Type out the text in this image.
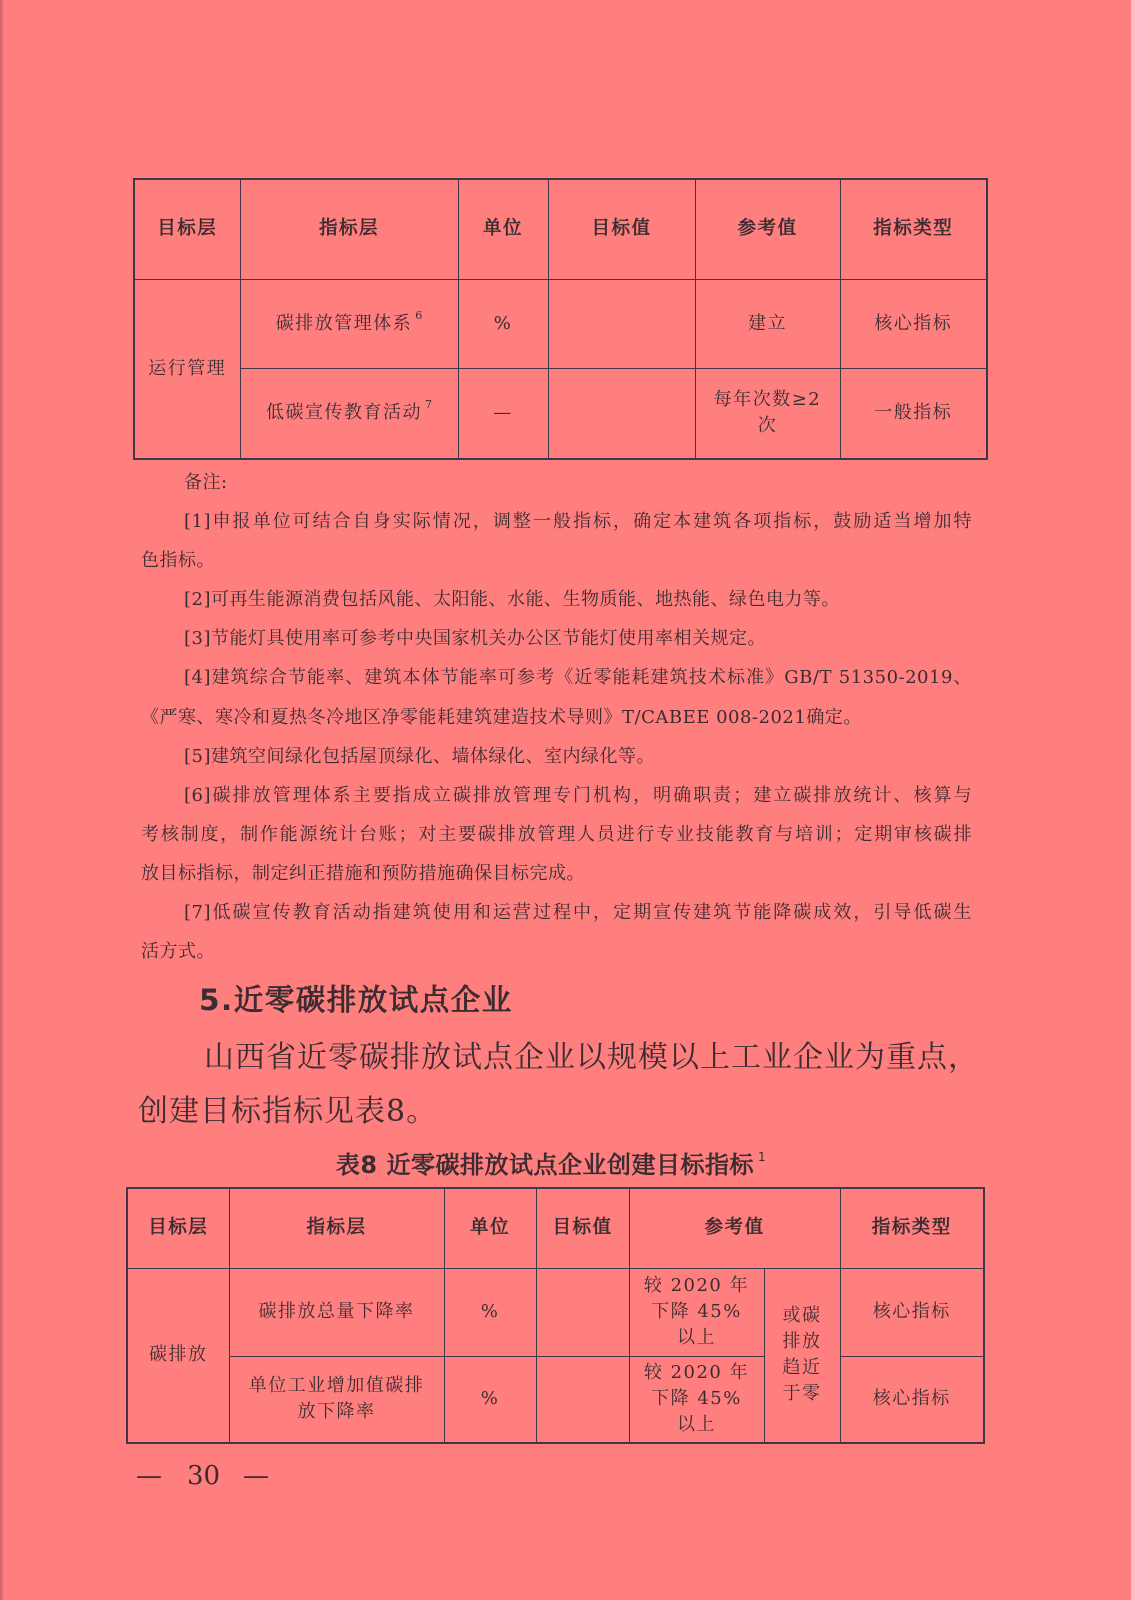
目标层	指标层	单位	目标值	参考值	指标类型
运行管理	碳排放管理体系 $^6$	%		建立	核心指标
	低碳宣传教育活动 $^7$	—		每年次数≥2次	一般指标
备注:
[1]申报单位可结合自身实际情况，调整一般指标，确定本建筑各项指标，鼓励适当增加特
色指标。
[2]可再生能源消费包括风能、太阳能、水能、生物质能、地热能、绿色电力等。
[3]节能灯具使用率可参考中央国家机关办公区节能灯使用率相关规定。
[4]建筑综合节能率、建筑本体节能率可参考《近零能耗建筑技术标准》GB/T 51350-2019、
《严寒、寒冷和夏热冬冷地区净零能耗建筑建造技术导则》T/CABEE 008-2021确定。
[5]建筑空间绿化包括屋顶绿化、墙体绿化、室内绿化等。
[6]碳排放管理体系主要指成立碳排放管理专门机构，明确职责；建立碳排放统计、核算与
考核制度，制作能源统计台账；对主要碳排放管理人员进行专业技能教育与培训；定期审核碳排
放目标指标，制定纠正措施和预防措施确保目标完成。
[7]低碳宣传教育活动指建筑使用和运营过程中，定期宣传建筑节能降碳成效，引导低碳生
活方式。
5.近零碳排放试点企业
山西省近零碳排放试点企业以规模以上工业企业为重点，
创建目标指标见表8。
表8 近零碳排放试点企业创建目标指标 $^1$
目标层	指标层	单位	目标值	参考值		指标类型
碳排放	碳排放总量下降率	%		较 2020 年下降 45%以上	或碳排放趋近于零	核心指标
	单位工业增加值碳排放下降率	%		较 2020 年下降 45%以上		核心指标
— 30 —
